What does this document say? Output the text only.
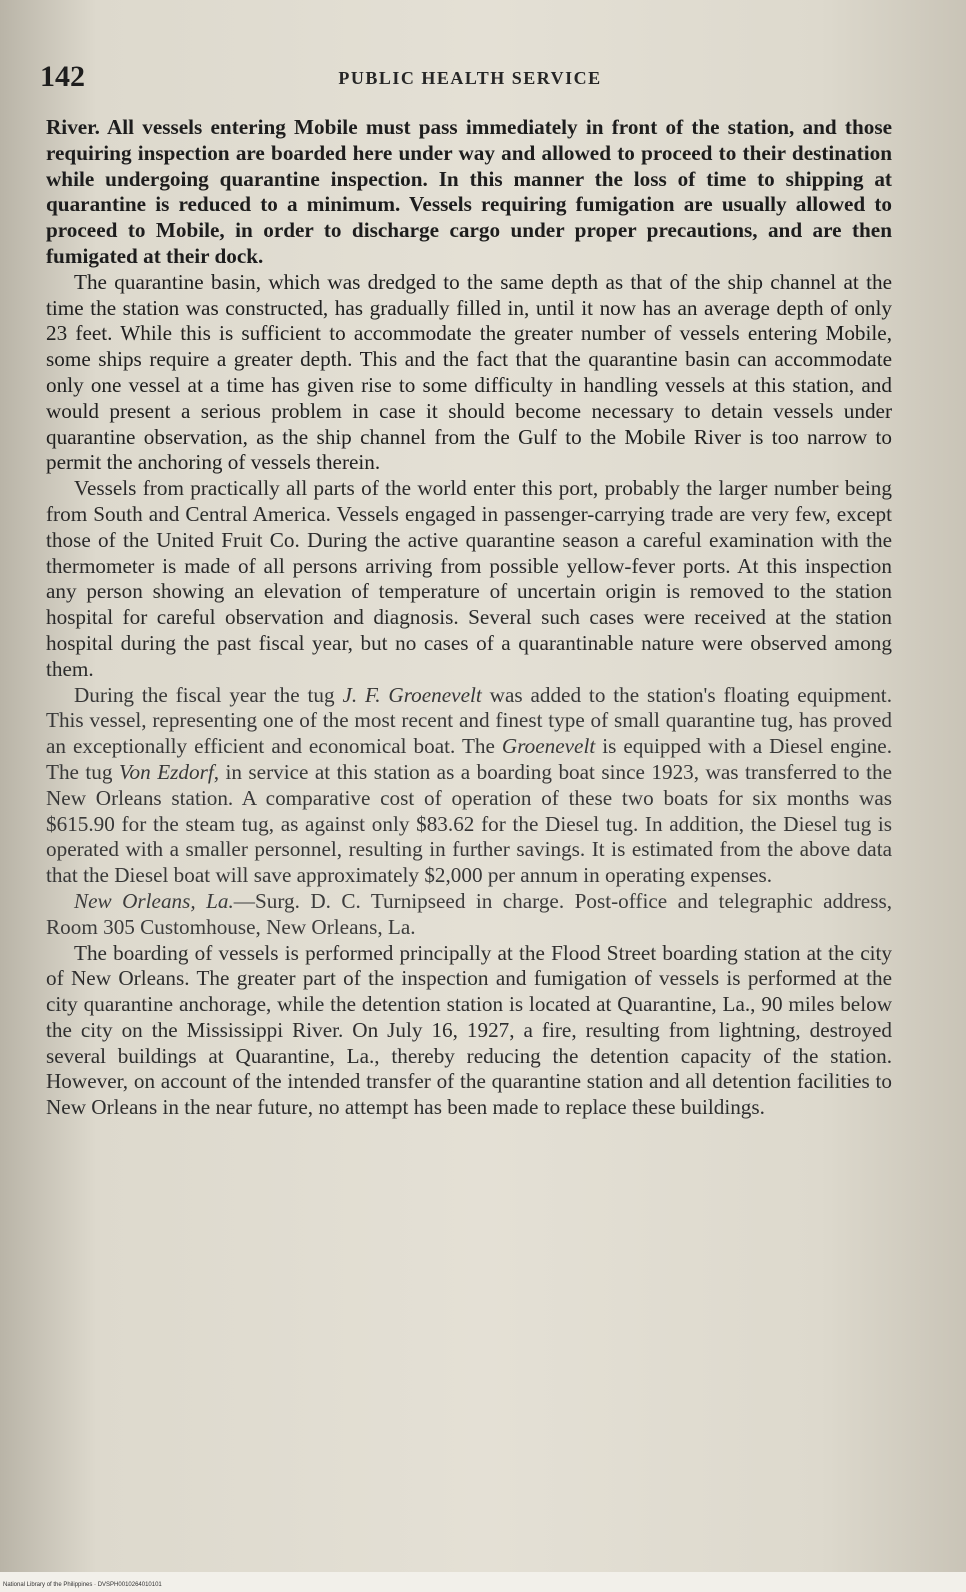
142	PUBLIC HEALTH SERVICE

River. All vessels entering Mobile must pass immediately in front of the station, and those requiring inspection are boarded here under way and allowed to proceed to their destination while undergoing quarantine inspection. In this manner the loss of time to shipping at quarantine is reduced to a minimum. Vessels requiring fumigation are usually allowed to proceed to Mobile, in order to discharge cargo under proper precautions, and are then fumigated at their dock.

The quarantine basin, which was dredged to the same depth as that of the ship channel at the time the station was constructed, has gradually filled in, until it now has an average depth of only 23 feet. While this is sufficient to accommodate the greater number of vessels entering Mobile, some ships require a greater depth. This and the fact that the quarantine basin can accommodate only one vessel at a time has given rise to some difficulty in handling vessels at this station, and would present a serious problem in case it should become necessary to detain vessels under quarantine observation, as the ship channel from the Gulf to the Mobile River is too narrow to permit the anchoring of vessels therein.

Vessels from practically all parts of the world enter this port, probably the larger number being from South and Central America. Vessels engaged in passenger-carrying trade are very few, except those of the United Fruit Co. During the active quarantine season a careful examination with the thermometer is made of all persons arriving from possible yellow-fever ports. At this inspection any person showing an elevation of temperature of uncertain origin is removed to the station hospital for careful observation and diagnosis. Several such cases were received at the station hospital during the past fiscal year, but no cases of a quarantinable nature were observed among them.

During the fiscal year the tug J. F. Groenevelt was added to the station's floating equipment. This vessel, representing one of the most recent and finest type of small quarantine tug, has proved an exceptionally efficient and economical boat. The Groenevelt is equipped with a Diesel engine. The tug Von Ezdorf, in service at this station as a boarding boat since 1923, was transferred to the New Orleans station. A comparative cost of operation of these two boats for six months was $615.90 for the steam tug, as against only $83.62 for the Diesel tug. In addition, the Diesel tug is operated with a smaller personnel, resulting in further savings. It is estimated from the above data that the Diesel boat will save approximately $2,000 per annum in operating expenses.

New Orleans, La.—Surg. D. C. Turnipseed in charge. Post-office and telegraphic address, Room 305 Customhouse, New Orleans, La.

The boarding of vessels is performed principally at the Flood Street boarding station at the city of New Orleans. The greater part of the inspection and fumigation of vessels is performed at the city quarantine anchorage, while the detention station is located at Quarantine, La., 90 miles below the city on the Mississippi River. On July 16, 1927, a fire, resulting from lightning, destroyed several buildings at Quarantine, La., thereby reducing the detention capacity of the station. However, on account of the intended transfer of the quarantine station and all detention facilities to New Orleans in the near future, no attempt has been made to replace these buildings.

National Library of the Philippines · DVSPH0010264010101
